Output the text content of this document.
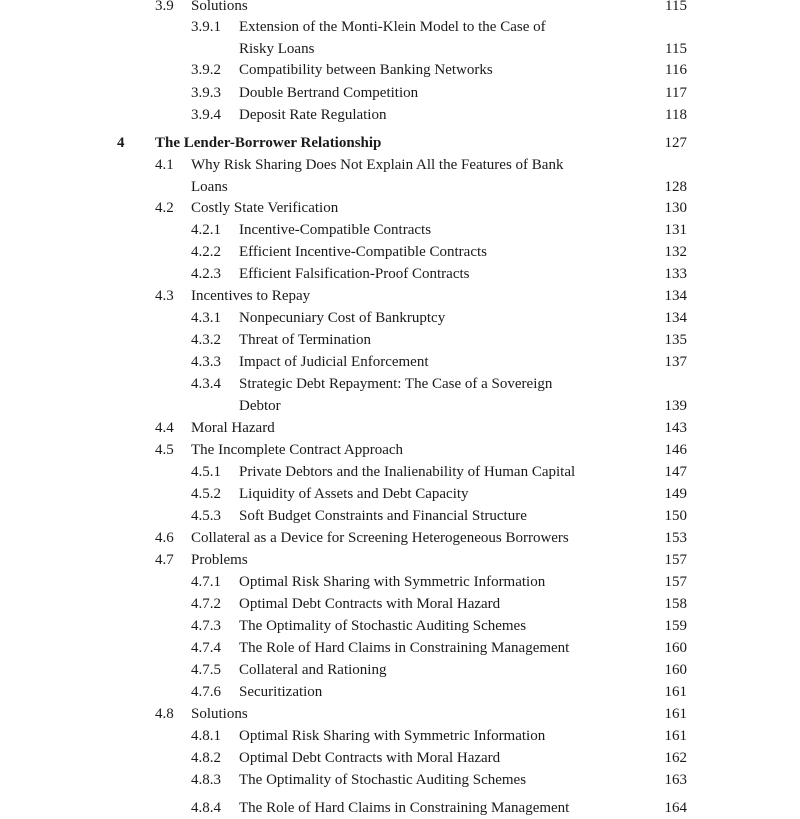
3.9 Solutions	115
3.9.1 Extension of the Monti-Klein Model to the Case of
Risky Loans	115
3.9.2 Compatibility between Banking Networks	116
3.9.3 Double Bertrand Competition	117
3.9.4 Deposit Rate Regulation	118
4 The Lender-Borrower Relationship	127
4.1 Why Risk Sharing Does Not Explain All the Features of Bank
Loans	128
4.2 Costly State Verification	130
4.2.1 Incentive-Compatible Contracts	131
4.2.2 Efficient Incentive-Compatible Contracts	132
4.2.3 Efficient Falsification-Proof Contracts	133
4.3 Incentives to Repay	134
4.3.1 Nonpecuniary Cost of Bankruptcy	134
4.3.2 Threat of Termination	135
4.3.3 Impact of Judicial Enforcement	137
4.3.4 Strategic Debt Repayment: The Case of a Sovereign
Debtor	139
4.4 Moral Hazard	143
4.5 The Incomplete Contract Approach	146
4.5.1 Private Debtors and the Inalienability of Human Capital	147
4.5.2 Liquidity of Assets and Debt Capacity	149
4.5.3 Soft Budget Constraints and Financial Structure	150
4.6 Collateral as a Device for Screening Heterogeneous Borrowers	153
4.7 Problems	157
4.7.1 Optimal Risk Sharing with Symmetric Information	157
4.7.2 Optimal Debt Contracts with Moral Hazard	158
4.7.3 The Optimality of Stochastic Auditing Schemes	159
4.7.4 The Role of Hard Claims in Constraining Management	160
4.7.5 Collateral and Rationing	160
4.7.6 Securitization	161
4.8 Solutions	161
4.8.1 Optimal Risk Sharing with Symmetric Information	161
4.8.2 Optimal Debt Contracts with Moral Hazard	162
4.8.3 The Optimality of Stochastic Auditing Schemes	163
4.8.4 The Role of Hard Claims in Constraining Management	164
